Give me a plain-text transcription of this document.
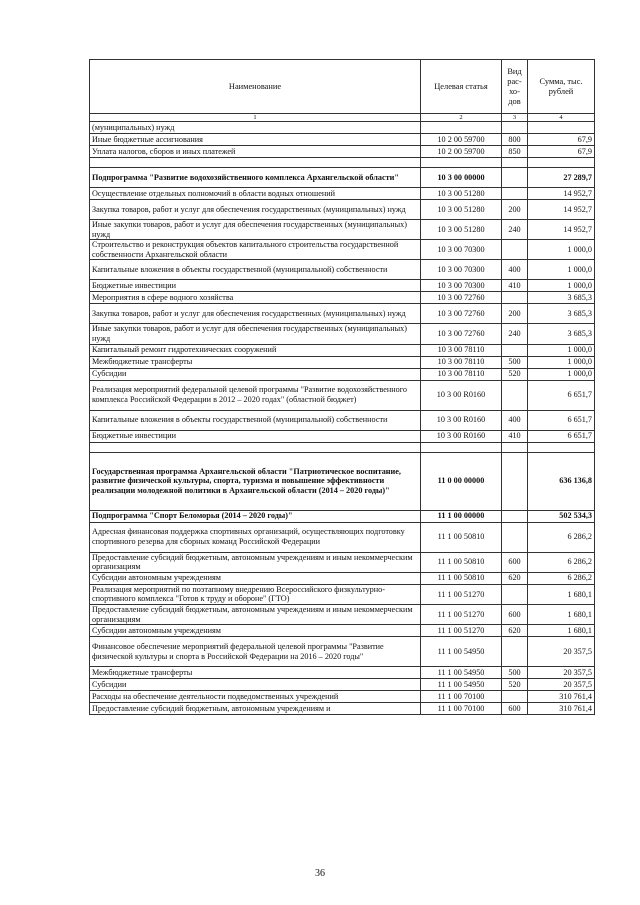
Наименование	Целевая статья	Вид рас-хо-дов	Сумма, тыс. рублей
1	2	3	4
(муниципальных) нужд			
Иные бюджетные ассигнования	10 2 00 59700	800	67,9
Уплата налогов, сборов и иных платежей	10 2 00 59700	850	67,9

Подпрограмма "Развитие водохозяйственного комплекса Архангельской области"	10 3 00 00000		27 289,7
Осуществление отдельных полномочий в области водных отношений	10 3 00 51280		14 952,7
Закупка товаров, работ и услуг для обеспечения государственных (муниципальных) нужд	10 3 00 51280	200	14 952,7
Иные закупки товаров, работ и услуг для обеспечения государственных (муниципальных) нужд	10 3 00 51280	240	14 952,7
Строительство и реконструкция объектов капитального строительства государственной собственности Архангельской области	10 3 00 70300		1 000,0
Капитальные вложения в объекты государственной (муниципальной) собственности	10 3 00 70300	400	1 000,0
Бюджетные инвестиции	10 3 00 70300	410	1 000,0
Мероприятия в сфере водного хозяйства	10 3 00 72760		3 685,3
Закупка товаров, работ и услуг для обеспечения государственных (муниципальных) нужд	10 3 00 72760	200	3 685,3
Иные закупки товаров, работ и услуг для обеспечения государственных (муниципальных) нужд	10 3 00 72760	240	3 685,3
Капитальный ремонт гидротехнических сооружений	10 3 00 78110		1 000,0
Межбюджетные трансферты	10 3 00 78110	500	1 000,0
Субсидии	10 3 00 78110	520	1 000,0
Реализация мероприятий федеральной целевой программы "Развитие водохозяйственного комплекса Российской Федерации в 2012 – 2020 годах" (областной бюджет)	10 3 00 R0160		6 651,7
Капитальные вложения в объекты государственной (муниципальной) собственности	10 3 00 R0160	400	6 651,7
Бюджетные инвестиции	10 3 00 R0160	410	6 651,7

Государственная программа Архангельской области "Патриотическое воспитание, развитие физической культуры, спорта, туризма и повышение эффективности реализации молодежной политики в Архангельской области (2014 – 2020 годы)"	11 0 00 00000		636 136,8
Подпрограмма "Спорт Беломорья (2014 – 2020 годы)"	11 1 00 00000		502 534,3
Адресная финансовая поддержка спортивных организаций, осуществляющих подготовку спортивного резерва для сборных команд Российской Федерации	11 1 00 50810		6 286,2
Предоставление субсидий бюджетным, автономным учреждениям и иным некоммерческим организациям	11 1 00 50810	600	6 286,2
Субсидии автономным учреждениям	11 1 00 50810	620	6 286,2
Реализация мероприятий по поэтапному внедрению Всероссийского физкультурно-спортивного комплекса "Готов к труду и обороне" (ГТО)	11 1 00 51270		1 680,1
Предоставление субсидий бюджетным, автономным учреждениям и иным некоммерческим организациям	11 1 00 51270	600	1 680,1
Субсидии автономным учреждениям	11 1 00 51270	620	1 680,1
Финансовое обеспечение мероприятий федеральной целевой программы "Развитие физической культуры и спорта в Российской Федерации на 2016 – 2020 годы"	11 1 00 54950		20 357,5
Межбюджетные трансферты	11 1 00 54950	500	20 357,5
Субсидии	11 1 00 54950	520	20 357,5
Расходы на обеспечение деятельности подведомственных учреждений	11 1 00 70100		310 761,4
Предоставление субсидий бюджетным, автономным учреждениям и	11 1 00 70100	600	310 761,4
36
